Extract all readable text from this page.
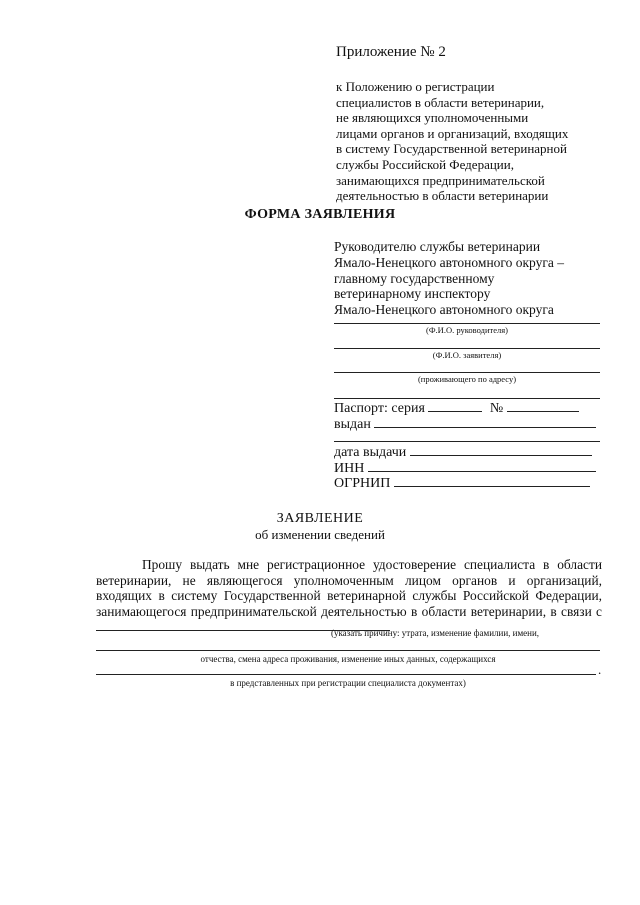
Приложение № 2
к Положению о регистрации
специалистов в области ветеринарии,
не являющихся уполномоченными
лицами органов и организаций, входящих
в систему Государственной ветеринарной
службы Российской Федерации,
занимающихся предпринимательской
деятельностью в области ветеринарии
ФОРМА ЗАЯВЛЕНИЯ
Руководителю службы ветеринарии
Ямало-Ненецкого автономного округа –
главному государственному
ветеринарному инспектору
Ямало-Ненецкого автономного округа
(Ф.И.О. руководителя)
(Ф.И.О. заявителя)
(проживающего по адресу)
Паспорт: серия	№
выдан
дата выдачи
ИНН
ОГРНИП
ЗАЯВЛЕНИЕ
об изменении сведений

Прошу выдать мне регистрационное удостоверение специалиста в области ветеринарии, не являющегося уполномоченным лицом органов и организаций, входящих в систему Государственной ветеринарной службы Российской Федерации, занимающегося предпринимательской деятельностью в области ветеринарии, в связи с

(указать причину: утрата, изменение фамилии, имени,
отчества, смена адреса проживания, изменение иных данных, содержащихся
.
в представленных при регистрации специалиста документах)
